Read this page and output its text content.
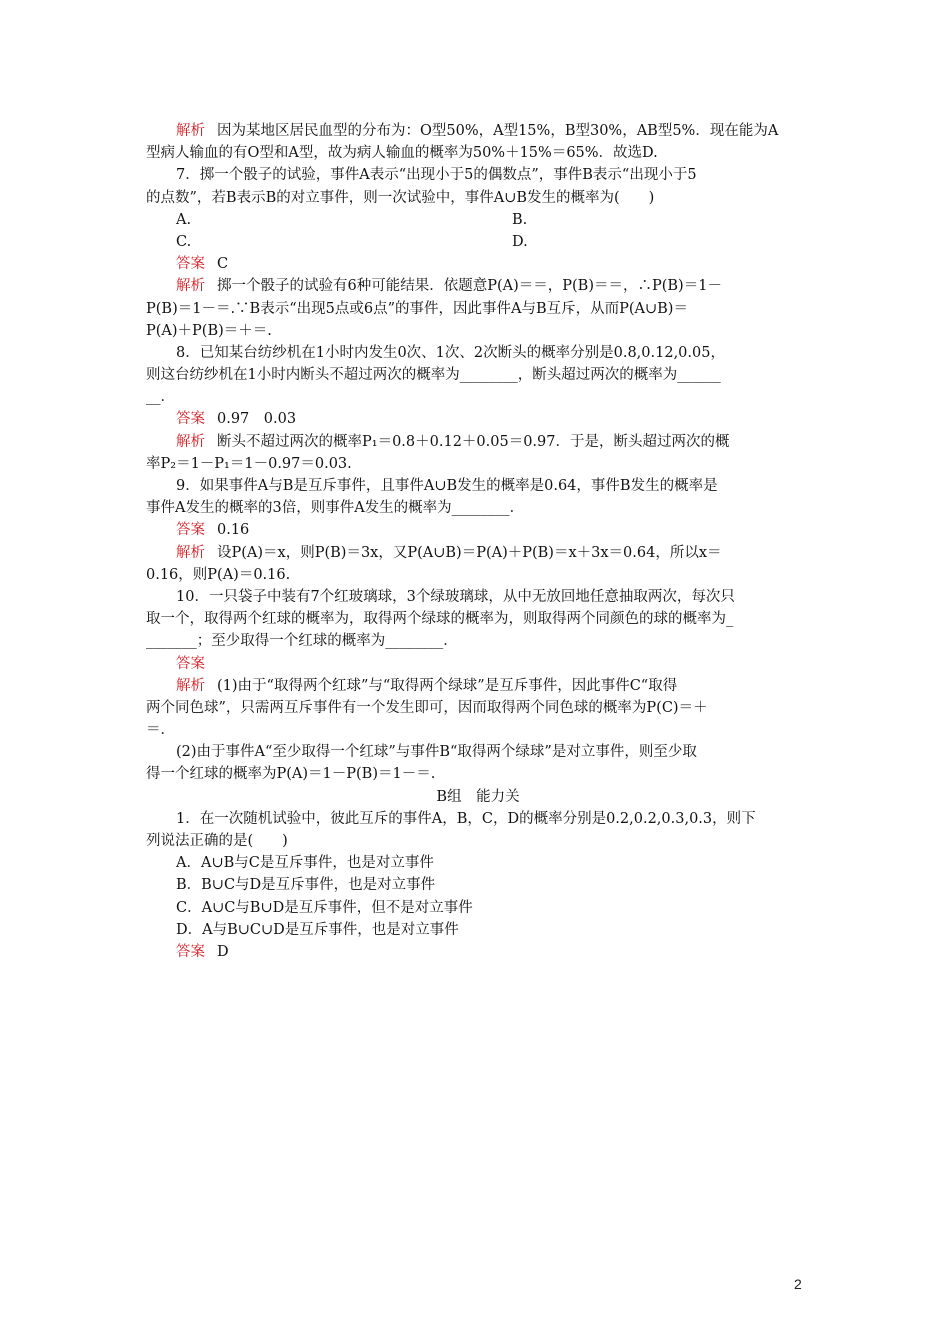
解析 因为某地区居民血型的分布为：O型50%，A型15%，B型30%，AB型5%．现在能为A
型病人输血的有O型和A型，故为病人输血的概率为50%＋15%＝65%．故选D.
7．掷一个骰子的试验，事件A表示“出现小于5的偶数点”，事件B表示“出现小于5
的点数”，若B表示B的对立事件，则一次试验中，事件A∪B发生的概率为(　　)
A.	B.
C.	D.
答案 C
解析 掷一个骰子的试验有6种可能结果．依题意P(A)＝＝，P(B)＝＝，∴P(B)＝1－
P(B)＝1－＝.∵B表示“出现5点或6点”的事件，因此事件A与B互斥，从而P(A∪B)＝
P(A)＋P(B)＝＋＝.
8．已知某台纺纱机在1小时内发生0次、1次、2次断头的概率分别是0.8,0.12,0.05，
则这台纺纱机在1小时内断头不超过两次的概率为________，断头超过两次的概率为______
__．
答案 0.97　0.03
解析 断头不超过两次的概率P₁＝0.8＋0.12＋0.05＝0.97．于是，断头超过两次的概
率P₂＝1－P₁＝1－0.97＝0.03.
9．如果事件A与B是互斥事件，且事件A∪B发生的概率是0.64，事件B发生的概率是
事件A发生的概率的3倍，则事件A发生的概率为________．
答案 0.16
解析 设P(A)＝x，则P(B)＝3x，又P(A∪B)＝P(A)＋P(B)＝x＋3x＝0.64，所以x＝
0.16，则P(A)＝0.16.
10．一只袋子中装有7个红玻璃球，3个绿玻璃球，从中无放回地任意抽取两次，每次只
取一个，取得两个红球的概率为，取得两个绿球的概率为，则取得两个同颜色的球的概率为_
_______；至少取得一个红球的概率为________．
答案
解析 (1)由于“取得两个红球”与“取得两个绿球”是互斥事件，因此事件C“取得
两个同色球”，只需两互斥事件有一个发生即可，因而取得两个同色球的概率为P(C)＝＋
＝．
(2)由于事件A“至少取得一个红球”与事件B“取得两个绿球”是对立事件，则至少取
得一个红球的概率为P(A)＝1－P(B)＝1－＝.
B组　能力关
1．在一次随机试验中，彼此互斥的事件A，B，C，D的概率分别是0.2,0.2,0.3,0.3，则下
列说法正确的是(　　)
A．A∪B与C是互斥事件，也是对立事件
B．B∪C与D是互斥事件，也是对立事件
C．A∪C与B∪D是互斥事件，但不是对立事件
D．A与B∪C∪D是互斥事件，也是对立事件
答案 D
2
